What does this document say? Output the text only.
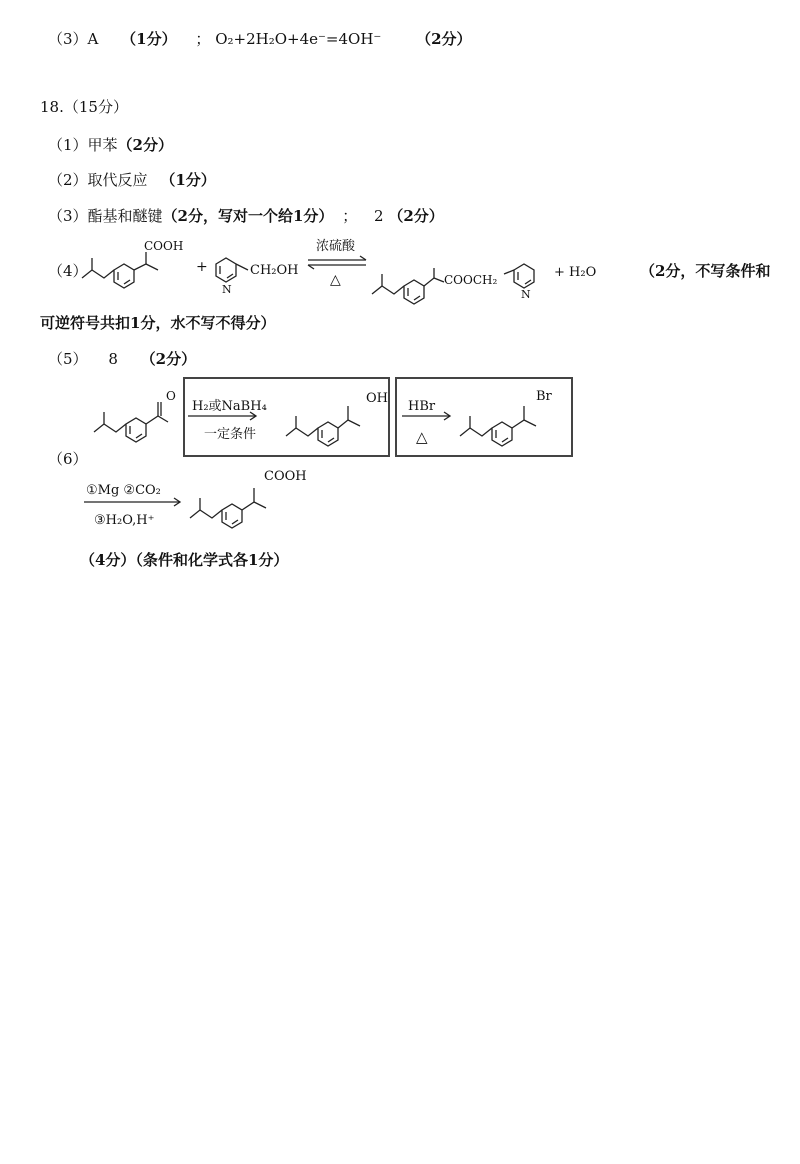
（3）A （1分） ； O₂+2H₂O+4e⁻=4OH⁻ （2分）
18.（15分）
（1）甲苯（2分）
（2）取代反应 （1分）
（3）酯基和醚键（2分，写对一个给1分） ； 2 （2分）
（4）
COOH
+
N
CH₂OH
浓硫酸
△	COOCH₂
N
+ H₂O	（2分，不写条件和
可逆符号共扣1分，水不写不得分）
（5） 8 （2分）
（6）
O
H₂或NaBH₄
一定条件
OH
HBr
△
Br
①Mg ②CO₂
③H₂O,H⁺
COOH
（4分）（条件和化学式各1分）
